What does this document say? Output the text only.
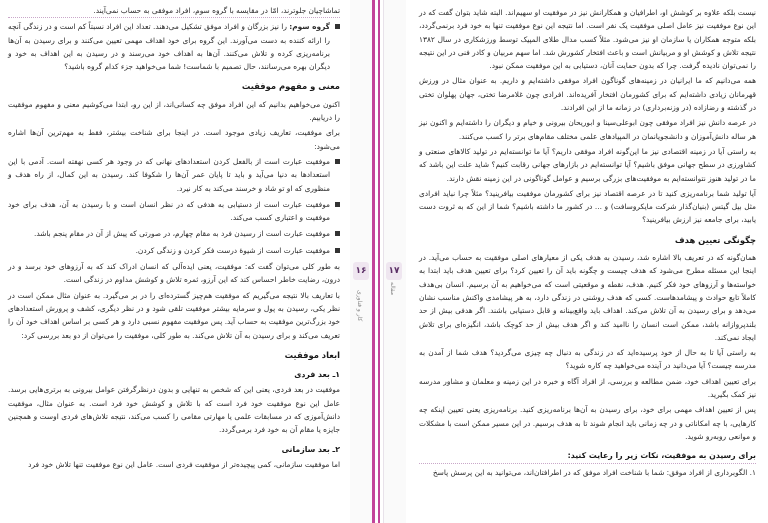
۱۶ ۱۷
کار و فناوری
مقاله

نیست بلکه علاوه بر کوشش او، اطرافیان و همکارانش نیز در موفقیت او سهیم‌اند. البته شاید بتوان گفت که در این نوع موفقیت نیز عامل اصلی موفقیت یک نفر است. اما نتیجه این نوع موفقیت تنها به خود فرد برنمی‌گردد، بلکه متوجه همکاران یا سازمان او نیز می‌شود. مثلاً کسب مدال طلای المپیک توسط ورزشکاری در سال ۱۳۸۲ نتیجه تلاش و کوشش او و مربیانش است و باعث افتخار کشورش شد. اما سهم مربیان و کادر فنی در این نتیجه را نمی‌توان نادیده گرفت. چرا که بدون حمایت آنان، دستیابی به این موفقیت ممکن نبود.

همه می‌دانیم که ما ایرانیان در زمینه‌های گوناگون افراد موفقی داشته‌ایم و داریم. به عنوان مثال در ورزش قهرمانان زیادی داشته‌ایم که برای کشورمان افتخار آفریده‌اند. افرادی چون غلامرضا تختی، جهان پهلوان تختی در گذشته و رضازاده (در وزنه‌برداری) در زمانه ما از این افرادند.

در عرصه دانش نیز افراد موفقی چون ابوعلی‌سینا و ابوریحان بیرونی و خیام و دیگران را داشته‌ایم و اکنون نیز هر ساله دانش‌آموزان و دانشجویانمان در المپیادهای علمی مختلف مقام‌های برتر را کسب می‌کنند.

به راستی آیا در زمینه اقتصادی نیز ما این‌گونه افراد موفقی داریم؟ آیا ما توانسته‌ایم در تولید کالاهای صنعتی و کشاورزی در سطح جهانی موفق باشیم؟ آیا توانسته‌ایم در بازارهای جهانی رقابت کنیم؟ شاید علت این باشد که ما در تولید هنوز نتوانسته‌ایم به موفقیت‌های بزرگی برسیم و عوامل گوناگونی در این زمینه نقش دارند.

آیا تولید شما برنامه‌ریزی کنید تا در عرصه اقتصاد نیز برای کشورمان موفقیت بیافرینید؟ مثلاً چرا نباید افرادی مثل بیل گیتس (بنیان‌گذار شرکت مایکروسافت) و ... در کشور ما داشته باشیم؟ شما از این که به ثروت دست یابید، برای جامعه نیز ارزش بیافرینید؟

چگونگی تعیین هدف

همان‌گونه که در تعریف بالا اشاره شد، رسیدن به هدف یکی از معیارهای اصلی موفقیت به حساب می‌آید. در اینجا این مسئله مطرح می‌شود که هدف چیست و چگونه باید آن را تعیین کرد؟ برای تعیین هدف باید ابتدا به خواسته‌ها و آرزوهای خود فکر کنیم. هدف، نقطه و موقعیتی است که می‌خواهیم به آن برسیم. انسان بی‌هدف کاملاً تابع حوادث و پیشامدهاست. کسی که هدف روشنی در زندگی دارد، به هر پیشامدی واکنش مناسب نشان می‌دهد و برای رسیدن به آن تلاش می‌کند. اهداف باید واقع‌بینانه و قابل دستیابی باشند. اگر هدفی بیش از حد بلندپروازانه باشد، ممکن است انسان را ناامید کند و اگر هدف بیش از حد کوچک باشد، انگیزه‌ای برای تلاش ایجاد نمی‌کند.

به راستی آیا تا به حال از خود پرسیده‌اید که در زندگی به دنبال چه چیزی می‌گردید؟ هدف شما از آمدن به مدرسه چیست؟ آیا می‌دانید در آینده می‌خواهید چه کاره شوید؟

برای تعیین اهداف خود، ضمن مطالعه و بررسی، از افراد آگاه و خبره در این زمینه و معلمان و مشاور مدرسه نیز کمک بگیرید.

پس از تعیین اهداف مهمی برای خود، برای رسیدن به آن‌ها برنامه‌ریزی کنید. برنامه‌ریزی یعنی تعیین اینکه چه کارهایی، با چه امکاناتی و در چه زمانی باید انجام شوند تا به هدف برسیم. در این مسیر ممکن است با مشکلات و موانعی روبه‌رو شوید.

برای رسیدن به موفقیت، نکات زیر را رعایت کنید:

۱. الگوبرداری از افراد موفق: شما با شناخت افراد موفق که در اطرافتان‌اند، می‌توانید به این پرسش پاسخ

تماشاچیان جلوترند، امّا در مقایسه با گروه سوم، افراد موفقی به حساب نمی‌آیند.

گروه سوم: را نیز بزرگان و افراد موفق تشکیل می‌دهند. تعداد این افراد نسبتاً کم است و در زندگی آنچه را ارائه کننده به دست می‌آورند. این گروه برای خود اهداف مهمی تعیین می‌کنند و برای رسیدن به آن‌ها برنامه‌ریزی کرده و تلاش می‌کنند. آن‌ها به اهداف خود می‌رسند و در رسیدن به این اهداف به خود و دیگران بهره می‌رسانند، حال تصمیم با شماست! شما می‌خواهید جزء کدام گروه باشید؟
معنی و مفهوم موفقیت

اکنون می‌خواهیم بدانیم که این افراد موفق چه کسانی‌اند، از این رو، ابتدا می‌کوشیم معنی و مفهوم موفقیت را دریابیم.

برای موفقیت، تعاریف زیادی موجود است. در اینجا برای شناخت بیشتر، فقط به مهم‌ترین آن‌ها اشاره می‌شود:

موفقیت عبارت است از بالفعل کردن استعدادهای نهانی که در وجود هر کسی نهفته است. آدمی با این استعدادها به دنیا می‌آید و باید تا پایان عمر آن‌ها را شکوفا کند. رسیدن به این کمال، از راه هدف و منظوری که او تو شاد و خرسند می‌کند به کار نیرد.
موفقیت عبارت است از دستیابی به هدفی که در نظر انسان است و با رسیدن به آن، هدف برای خود موفقیت و اعتباری کسب می‌کند.
موفقیت عبارت است از رسیدن فرد به مقام چهارم، در صورتی که پیش از آن در مقام پنجم باشد.
موفقیت عبارت است از شیوهٔ درست فکر کردن و زندگی کردن.

به طور کلی می‌توان گفت که: موفقیت، یعنی ایده‌آلی که انسان ادراک کند که به آرزوهای خود برسد و در درون، رضایت خاطر احساس کند که این آرزو، ثمره تلاش و کوشش مداوم در زندگی است.

با تعاریف بالا نتیجه می‌گیریم که موفقیت هم‌چیز گسترده‌ای را در بر می‌گیرد. به عنوان مثال ممکن است در نظر یکی، رسیدن به پول و سرمایه بیشتر موفقیت تلقی شود و در نظر دیگری، کشف و پرورش استعدادهای خود بزرگ‌ترین موفقیت به حساب آید. پس موفقیت مفهوم نسبی دارد و هر کسی بر اساس اهداف خود آن را تعریف می‌کند و برای رسیدن به آن تلاش می‌کند. به طور کلی، موفقیت را می‌توان از دو بعد بررسی کرد:

ابعاد موفقیت
۱ـ بعد فردی

موفقیت در بعد فردی، یعنی این که شخص به تنهایی و بدون درنظرگرفتن عوامل بیرونی به برتری‌هایی برسد. عامل این نوع موفقیت خود فرد است که با تلاش و کوشش خود فرد است. به عنوان مثال، موفقیت دانش‌آموزی که در مسابقات علمی یا مهارتی مقامی را کسب می‌کند، نتیجه تلاش‌های فردی اوست و همچنین جایزه یا مقام آن به خود فرد برمی‌گردد.

۲ـ بعد سازمانی

اما موفقیت سازمانی، کمی پیچیده‌تر از موفقیت فردی است. عامل این نوع موفقیت تنها تلاش خود فرد
